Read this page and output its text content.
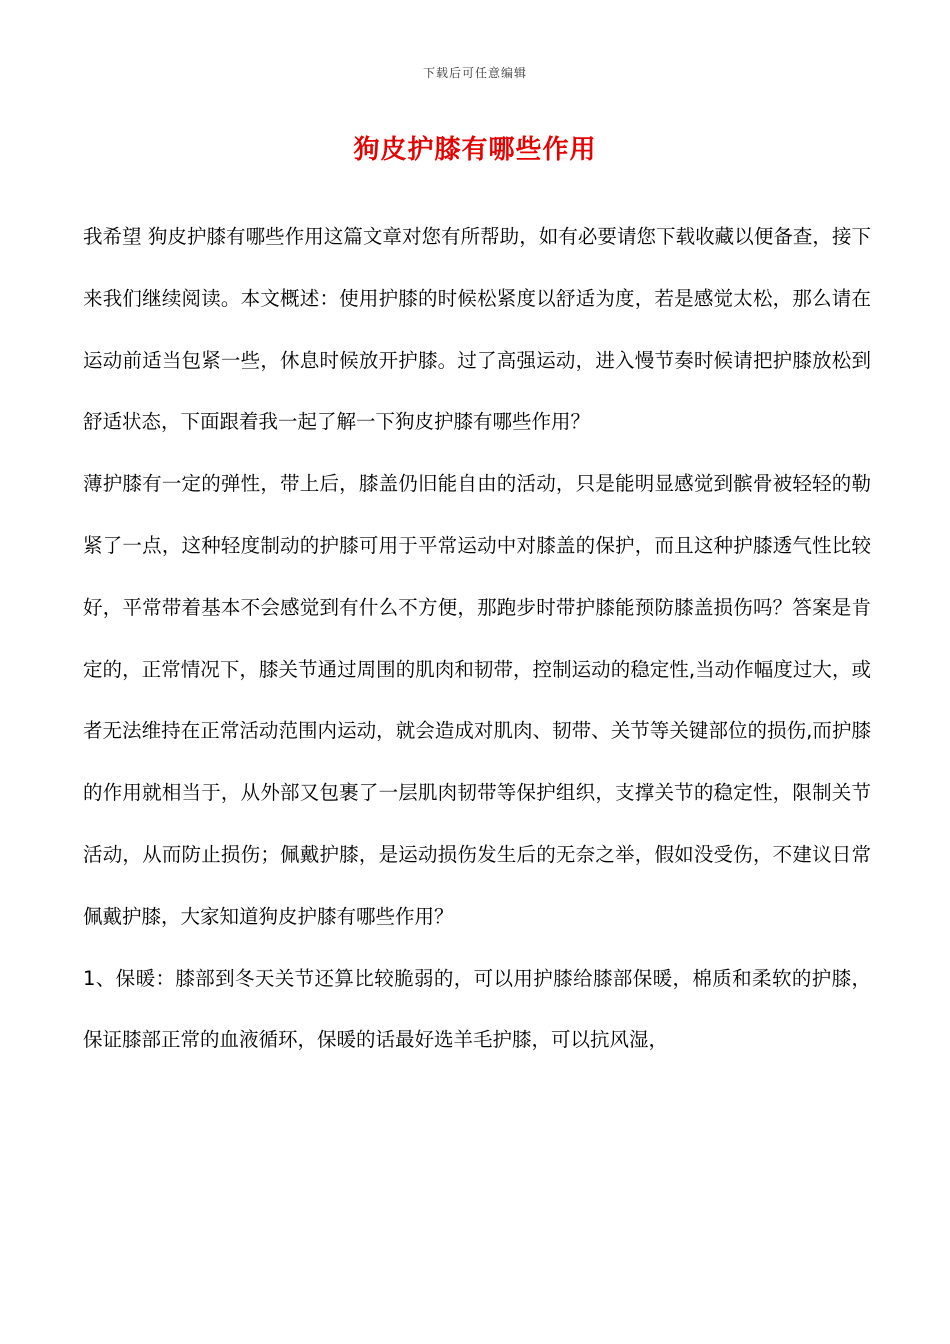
下载后可任意编辑
狗皮护膝有哪些作用

我希望 狗皮护膝有哪些作用这篇文章对您有所帮助，如有必要请您下载收藏以便备查，接下来我们继续阅读。本文概述：使用护膝的时候松紧度以舒适为度，若是感觉太松，那么请在运动前适当包紧一些，休息时候放开护膝。过了高强运动，进入慢节奏时候请把护膝放松到舒适状态，下面跟着我一起了解一下狗皮护膝有哪些作用？

薄护膝有一定的弹性，带上后，膝盖仍旧能自由的活动，只是能明显感觉到髌骨被轻轻的勒紧了一点，这种轻度制动的护膝可用于平常运动中对膝盖的保护，而且这种护膝透气性比较好，平常带着基本不会感觉到有什么不方便，那跑步时带护膝能预防膝盖损伤吗？答案是肯定的，正常情况下，膝关节通过周围的肌肉和韧带，控制运动的稳定性,当动作幅度过大，或者无法维持在正常活动范围内运动，就会造成对肌肉、韧带、关节等关键部位的损伤,而护膝的作用就相当于，从外部又包裹了一层肌肉韧带等保护组织，支撑关节的稳定性，限制关节活动，从而防止损伤；佩戴护膝，是运动损伤发生后的无奈之举，假如没受伤，不建议日常佩戴护膝，大家知道狗皮护膝有哪些作用？

1、保暖：膝部到冬天关节还算比较脆弱的，可以用护膝给膝部保暖，棉质和柔软的护膝，保证膝部正常的血液循环，保暖的话最好选羊毛护膝，可以抗风湿，
